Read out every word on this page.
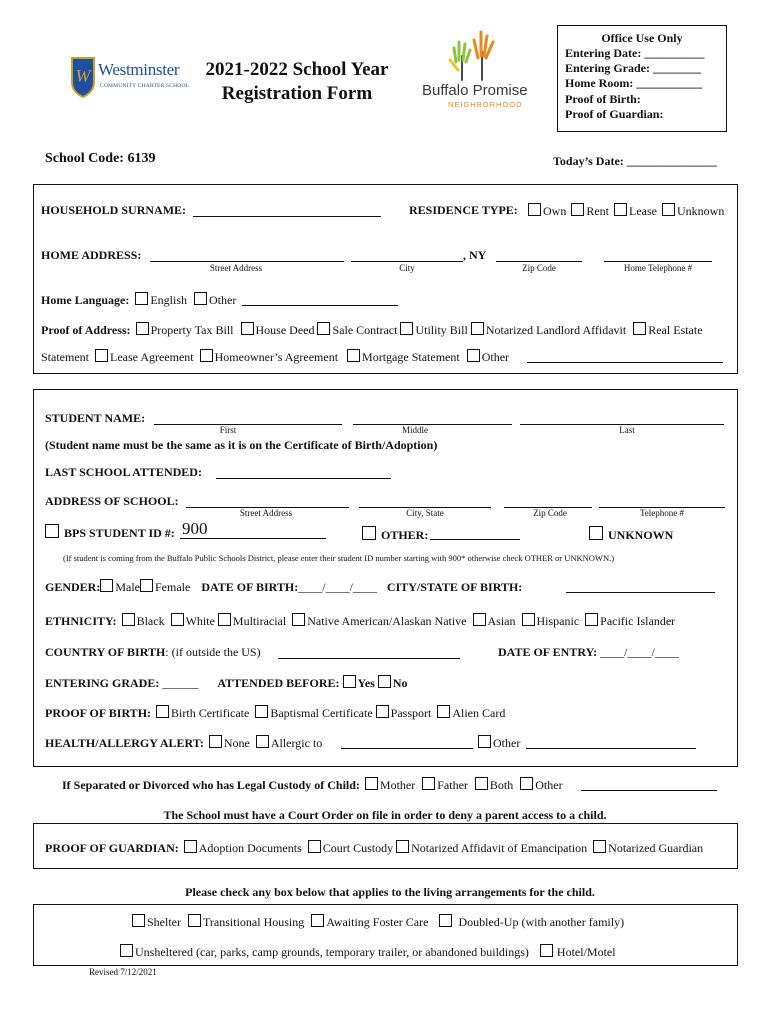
W Westminster
COMMUNITY CHARTER SCHOOL
2021-2022 School Year
Registration Form	Buffalo Promise
NEIGHBORHOOD
Office Use Only
Entering Date: __________
Entering Grade: ________
Home Room: ___________
Proof of Birth:
Proof of Guardian:
School Code: 6139	Today’s Date: _______________
HOUSEHOLD SURNAME:	RESIDENCE TYPE:	Own Rent Lease Unknown
HOME ADDRESS:	, NY
Street Address	City	Zip Code	Home Telephone #
Home Language: English Other
Proof of Address: Property Tax Bill House Deed Sale Contract Utility Bill Notarized Landlord Affidavit Real Estate
Statement Lease Agreement Homeowner’s Agreement Mortgage Statement Other
STUDENT NAME:
First	Middle	Last
(Student name must be the same as it is on the Certificate of Birth/Adoption)
LAST SCHOOL ATTENDED:
ADDRESS OF SCHOOL:
Street Address	City, State	Zip Code	Telephone #
BPS STUDENT ID #: 900	OTHER:	UNKNOWN
(If student is coming from the Buffalo Public Schools District, please enter their student ID number starting with 900* otherwise check OTHER or UNKNOWN.)
GENDER: Male Female DATE OF BIRTH:____/____/____ CITY/STATE OF BIRTH:
ETHNICITY: Black White Multiracial Native American/Alaskan Native Asian Hispanic Pacific Islander
COUNTRY OF BIRTH: (if outside the US)	DATE OF ENTRY: ____/____/____
ENTERING GRADE: ______ ATTENDED BEFORE: Yes No
PROOF OF BIRTH: Birth Certificate Baptismal Certificate Passport Alien Card
HEALTH/ALLERGY ALERT: None Allergic to	Other
If Separated or Divorced who has Legal Custody of Child: Mother Father Both Other
The School must have a Court Order on file in order to deny a parent access to a child.
PROOF OF GUARDIAN: Adoption Documents Court Custody Notarized Affidavit of Emancipation Notarized Guardian
Please check any box below that applies to the living arrangements for the child.
Shelter Transitional Housing Awaiting Foster Care	Doubled-Up (with another family)
Unsheltered (car, parks, camp grounds, temporary trailer, or abandoned buildings) Hotel/Motel
Revised 7/12/2021
